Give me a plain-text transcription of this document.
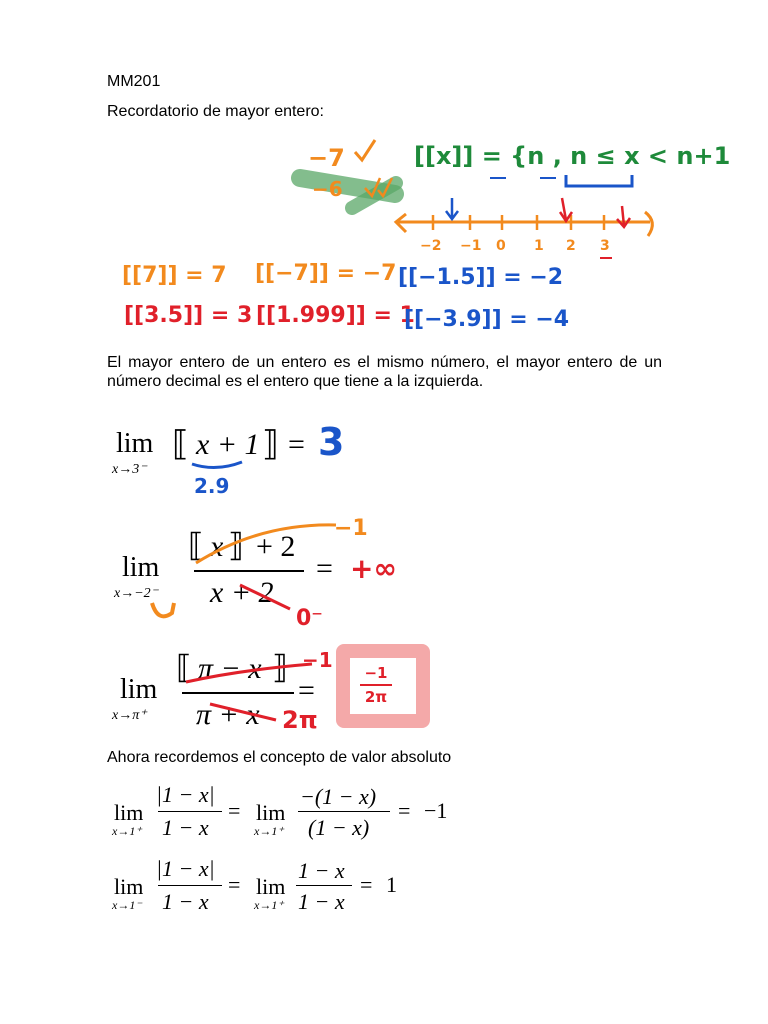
MM201
Recordatorio de mayor entero:
−7
−6
[[x]] = {n , n ≤ x < n+1
−2 −1 0 1 2 3
[[7]] = 7 [[−7]] = −7 [[−1.5]] = −2
[[3.5]] = 3 [[1.999]] = 1
[[−3.9]] = −4
El mayor entero de un entero es el mismo número, el mayor entero de un número decimal es el entero que tiene a la izquierda.
lim
x→3⁻
⟦ x + 1 ⟧ = 3
2.9
lim
x→−2⁻
⟦ x ⟧ + 2
x + 2
= +∞
−1
0⁻
lim
x→π⁺
⟦ π − x ⟧
π + x
=
−1
2π
−1
2π
Ahora recordemos el concepto de valor absoluto
lim
x→1⁺
|1 − x|
1 − x
= lim
x→1⁺
−(1 − x)
(1 − x)
= −1
lim
x→1⁻
|1 − x|
1 − x
= lim
x→1⁺
1 − x
1 − x
= 1
